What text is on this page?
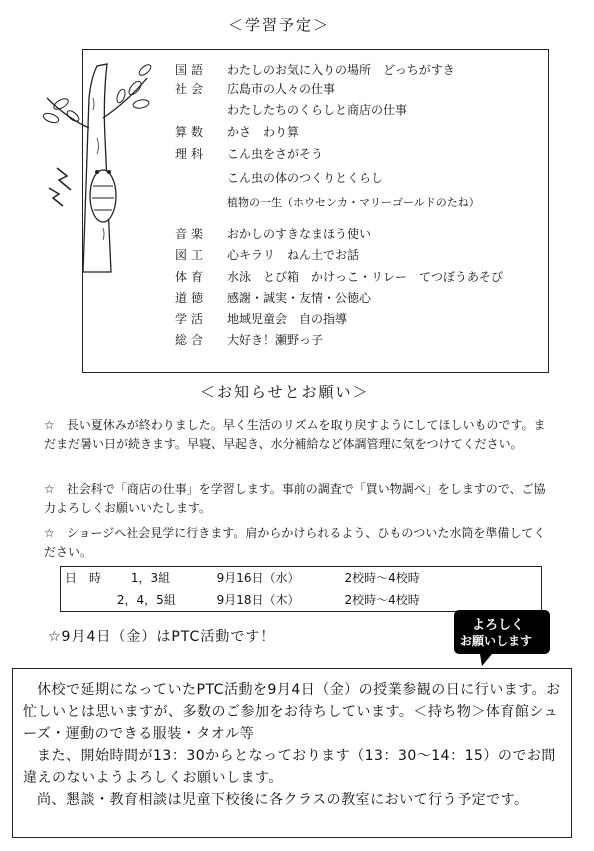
＜学習予定＞
国語 わたしのお気に入りの場所　どっちがすき
社会 広島市の人々の仕事
わたしたちのくらしと商店の仕事
算数 かさ　わり算
理科 こん虫をさがそう
こん虫の体のつくりとくらし
植物の一生（ホウセンカ・マリーゴールドのたね）
音楽 おかしのすきなまほう使い
図工 心キラリ　ねん土でお話
体育 水泳　とび箱　かけっこ・リレー　てつぼうあそび
道徳 感謝・誠実・友情・公徳心
学活 地域児童会　自の指導
総合 大好き！瀬野っ子
＜お知らせとお願い＞
☆　長い夏休みが終わりました。早く生活のリズムを取り戻すようにしてほしいものです。まだまだ暑い日が続きます。早寝、早起き、水分補給など体調管理に気をつけてください。
☆　社会科で「商店の仕事」を学習します。事前の調査で「買い物調べ」をしますので、ご協力よろしくお願いいたします。
☆　ショージへ社会見学に行きます。肩からかけられるよう、ひものついた水筒を準備してください。
日　時 1，3組	9月16日（水）	2校時～4校時
2，4，5組	9月18日（木）	2校時～4校時
☆9月4日（金）はPTC活動です！
よろしく
お願いします
休校で延期になっていたPTC活動を9月4日（金）の授業参観の日に行います。お忙しいとは思いますが、多数のご参加をお待ちしています。＜持ち物＞体育館シューズ・運動のできる服装・タオル等
また、開始時間が13：30からとなっております（13：30～14：15）のでお間違えのないようよろしくお願いします。
尚、懇談・教育相談は児童下校後に各クラスの教室において行う予定です。
